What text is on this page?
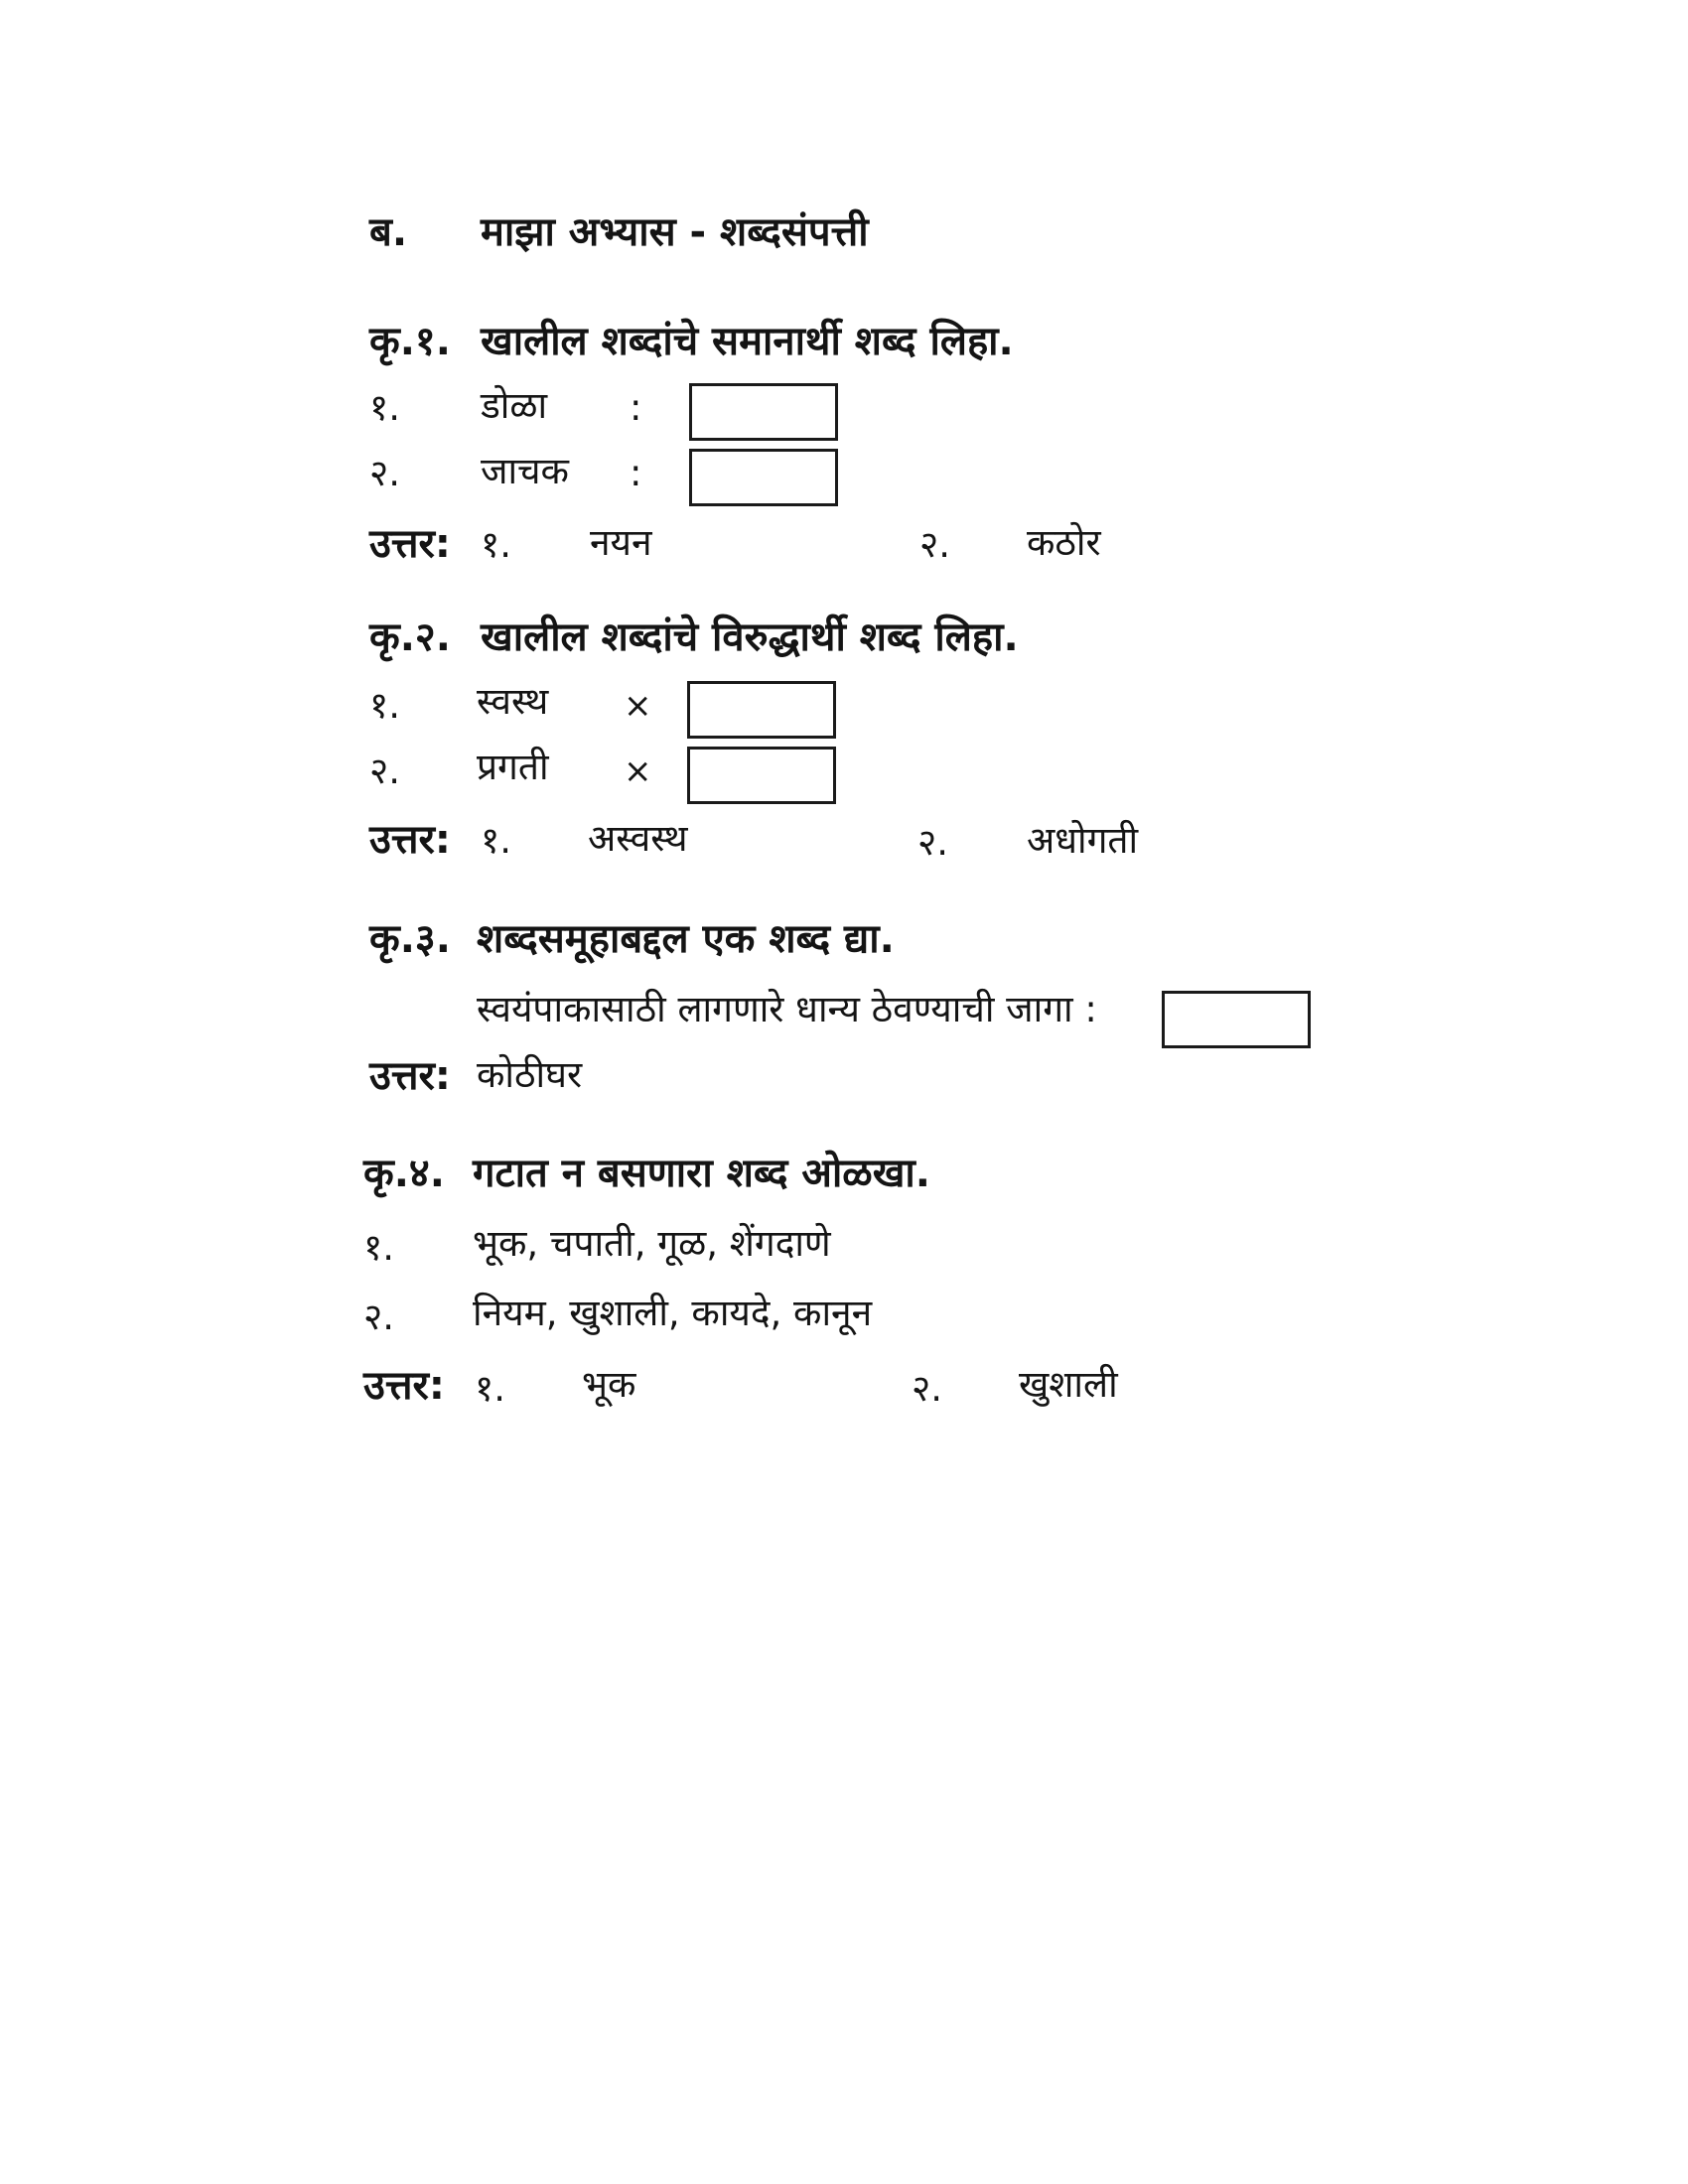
ब. माझा अभ्यास - शब्दसंपत्ती
कृ.१. खालील शब्दांचे समानार्थी शब्द लिहा.
१. डोळा :
२. जाचक :
उत्तर: १. नयन	२. कठोर
कृ.२. खालील शब्दांचे विरुद्धार्थी शब्द लिहा.
१. स्वस्थ ×
२. प्रगती ×
उत्तर: १. अस्वस्थ	२. अधोगती
कृ.३. शब्दसमूहाबद्दल एक शब्द द्या.
स्वयंपाकासाठी लागणारे धान्य ठेवण्याची जागा :
उत्तर: कोठीघर
कृ.४. गटात न बसणारा शब्द ओळखा.
१. भूक, चपाती, गूळ, शेंगदाणे
२. नियम, खुशाली, कायदे, कानून
उत्तर: १. भूक	२. खुशाली
